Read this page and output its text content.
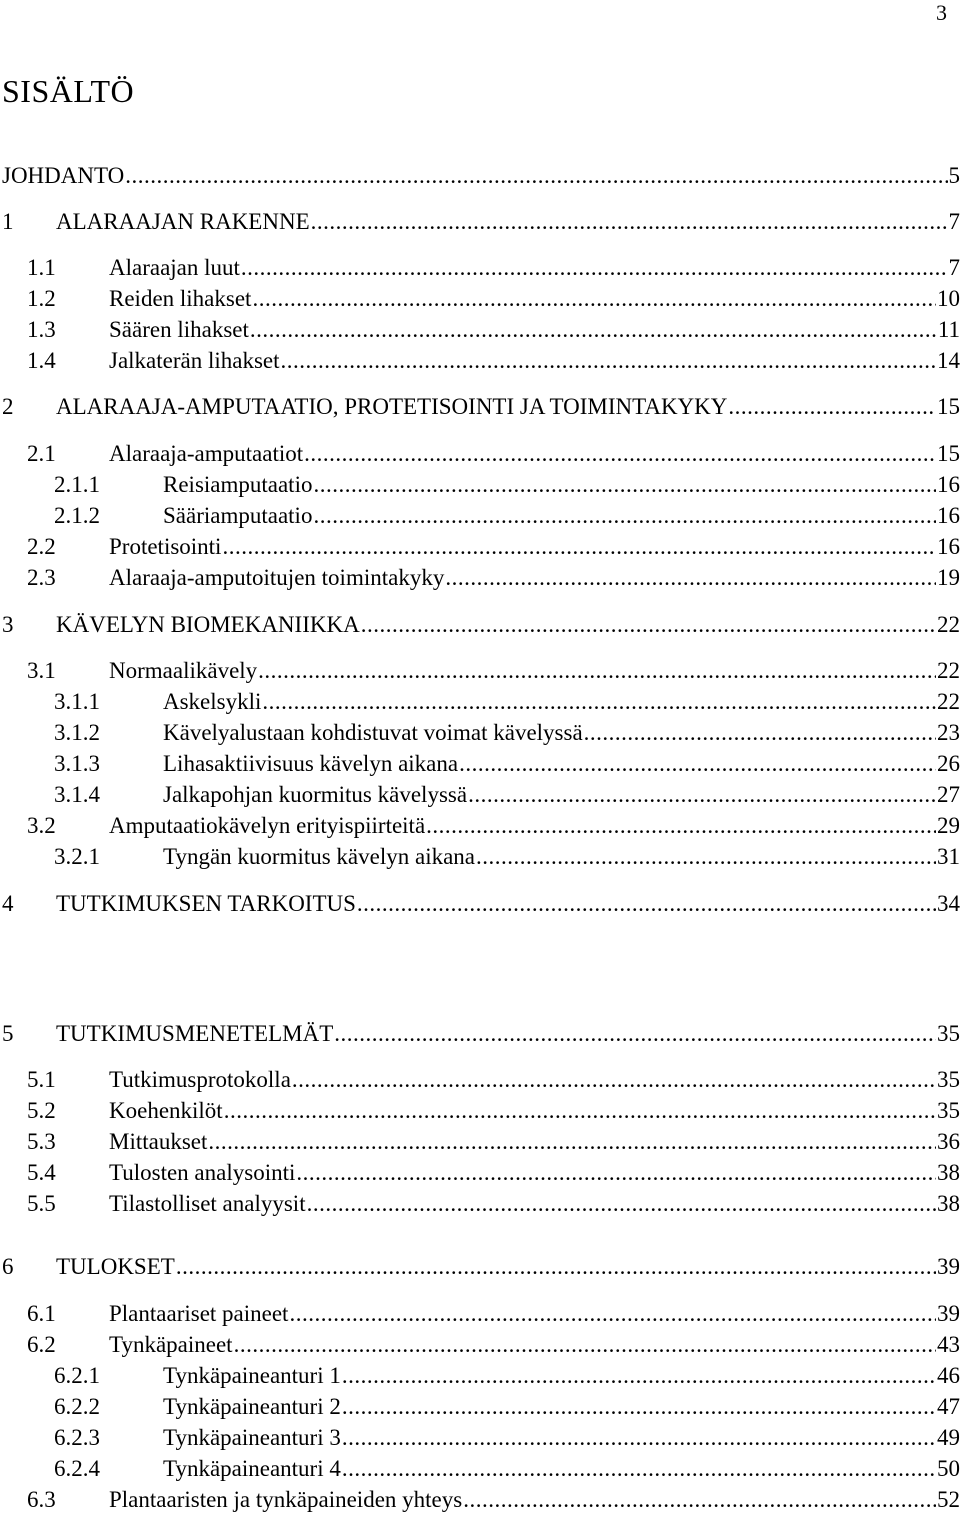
3
SISÄLTÖ
JOHDANTO .....	5
1	ALARAAJAN RAKENNE .....	7
1.1	Alaraajan luut .....	7
1.2	Reiden lihakset .....	10
1.3	Säären lihakset .....	11
1.4	Jalkaterän lihakset .....	14
2	ALARAAJA-AMPUTAATIO, PROTETISOINTI JA TOIMINTAKYKY .....	15
2.1	Alaraaja-amputaatiot .....	15
2.1.1	Reisiamputaatio .....	16
2.1.2	Sääriamputaatio .....	16
2.2	Protetisointi .....	16
2.3	Alaraaja-amputoitujen toimintakyky .....	19
3	KÄVELYN BIOMEKANIIKKA .....	22
3.1	Normaalikävely .....	22
3.1.1	Askelsykli .....	22
3.1.2	Kävelyalustaan kohdistuvat voimat kävelyssä .....	23
3.1.3	Lihasaktiivisuus kävelyn aikana .....	26
3.1.4	Jalkapohjan kuormitus kävelyssä .....	27
3.2	Amputaatiokävelyn erityispiirteitä .....	29
3.2.1	Tyngän kuormitus kävelyn aikana .....	31
4	TUTKIMUKSEN TARKOITUS .....	34
5	TUTKIMUSMENETELMÄT .....	35
5.1	Tutkimusprotokolla .....	35
5.2	Koehenkilöt .....	35
5.3	Mittaukset .....	36
5.4	Tulosten analysointi .....	38
5.5	Tilastolliset analyysit .....	38
6	TULOKSET .....	39
6.1	Plantaariset paineet .....	39
6.2	Tynkäpaineet .....	43
6.2.1	Tynkäpaineanturi 1 .....	46
6.2.2	Tynkäpaineanturi 2 .....	47
6.2.3	Tynkäpaineanturi 3 .....	49
6.2.4	Tynkäpaineanturi 4 .....	50
6.3	Plantaaristen ja tynkäpaineiden yhteys .....	52
